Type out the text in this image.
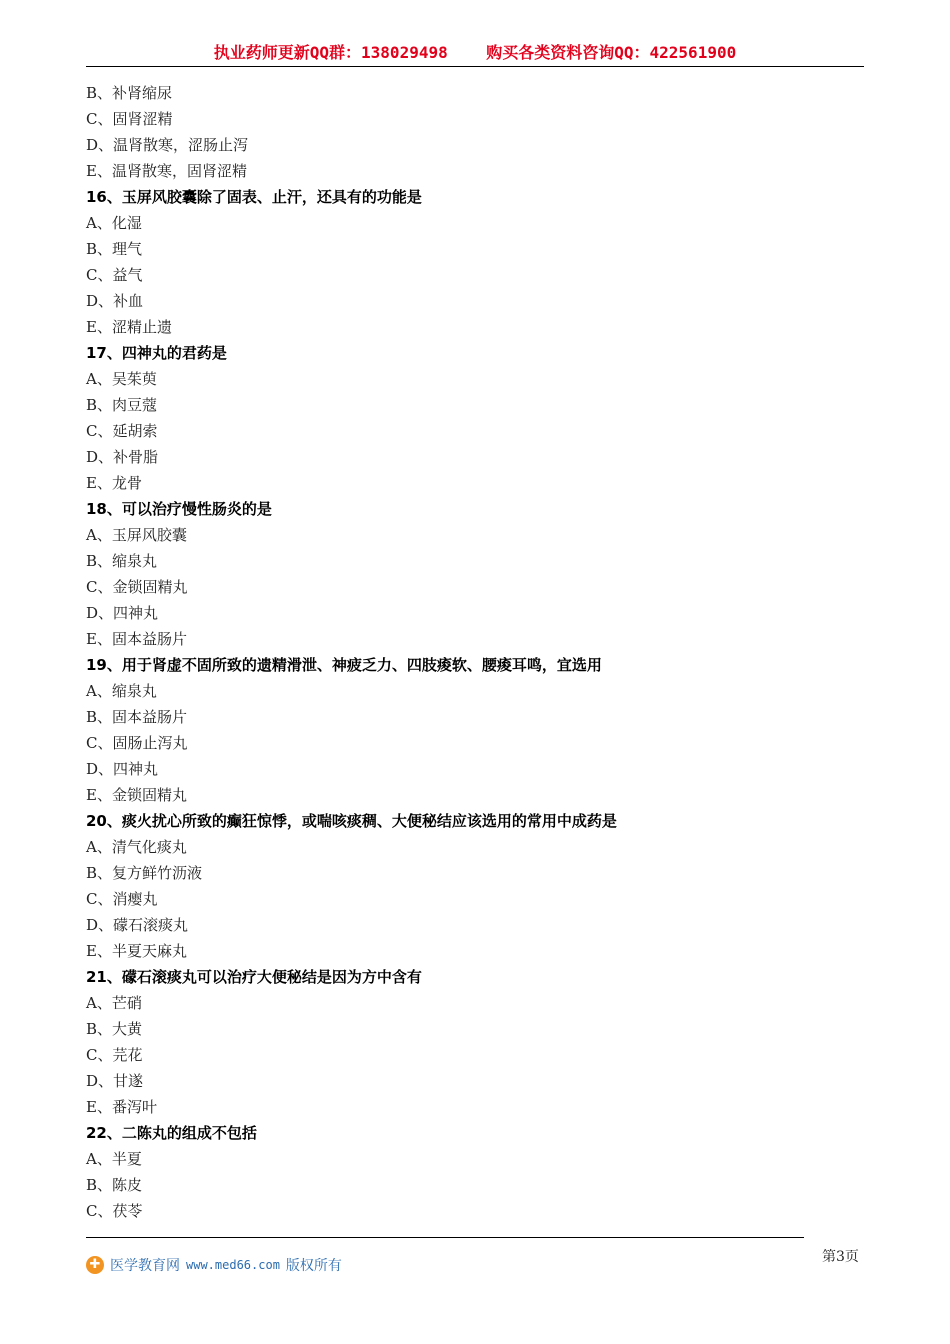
执业药师更新QQ群：138029498    购买各类资料咨询QQ：422561900
B、补肾缩尿
C、固肾涩精
D、温肾散寒，涩肠止泻
E、温肾散寒，固肾涩精
16、玉屏风胶囊除了固表、止汗，还具有的功能是
A、化湿
B、理气
C、益气
D、补血
E、涩精止遗
17、四神丸的君药是
A、吴茱萸
B、肉豆蔻
C、延胡索
D、补骨脂
E、龙骨
18、可以治疗慢性肠炎的是
A、玉屏风胶囊
B、缩泉丸
C、金锁固精丸
D、四神丸
E、固本益肠片
19、用于肾虚不固所致的遗精滑泄、神疲乏力、四肢痠软、腰痠耳鸣，宜选用
A、缩泉丸
B、固本益肠片
C、固肠止泻丸
D、四神丸
E、金锁固精丸
20、痰火扰心所致的癫狂惊悸，或喘咳痰稠、大便秘结应该选用的常用中成药是
A、清气化痰丸
B、复方鲜竹沥液
C、消瘿丸
D、礞石滚痰丸
E、半夏天麻丸
21、礞石滚痰丸可以治疗大便秘结是因为方中含有
A、芒硝
B、大黄
C、芫花
D、甘遂
E、番泻叶
22、二陈丸的组成不包括
A、半夏
B、陈皮
C、茯苓
✚ 医学教育网 www.med66.com 版权所有
第3页
